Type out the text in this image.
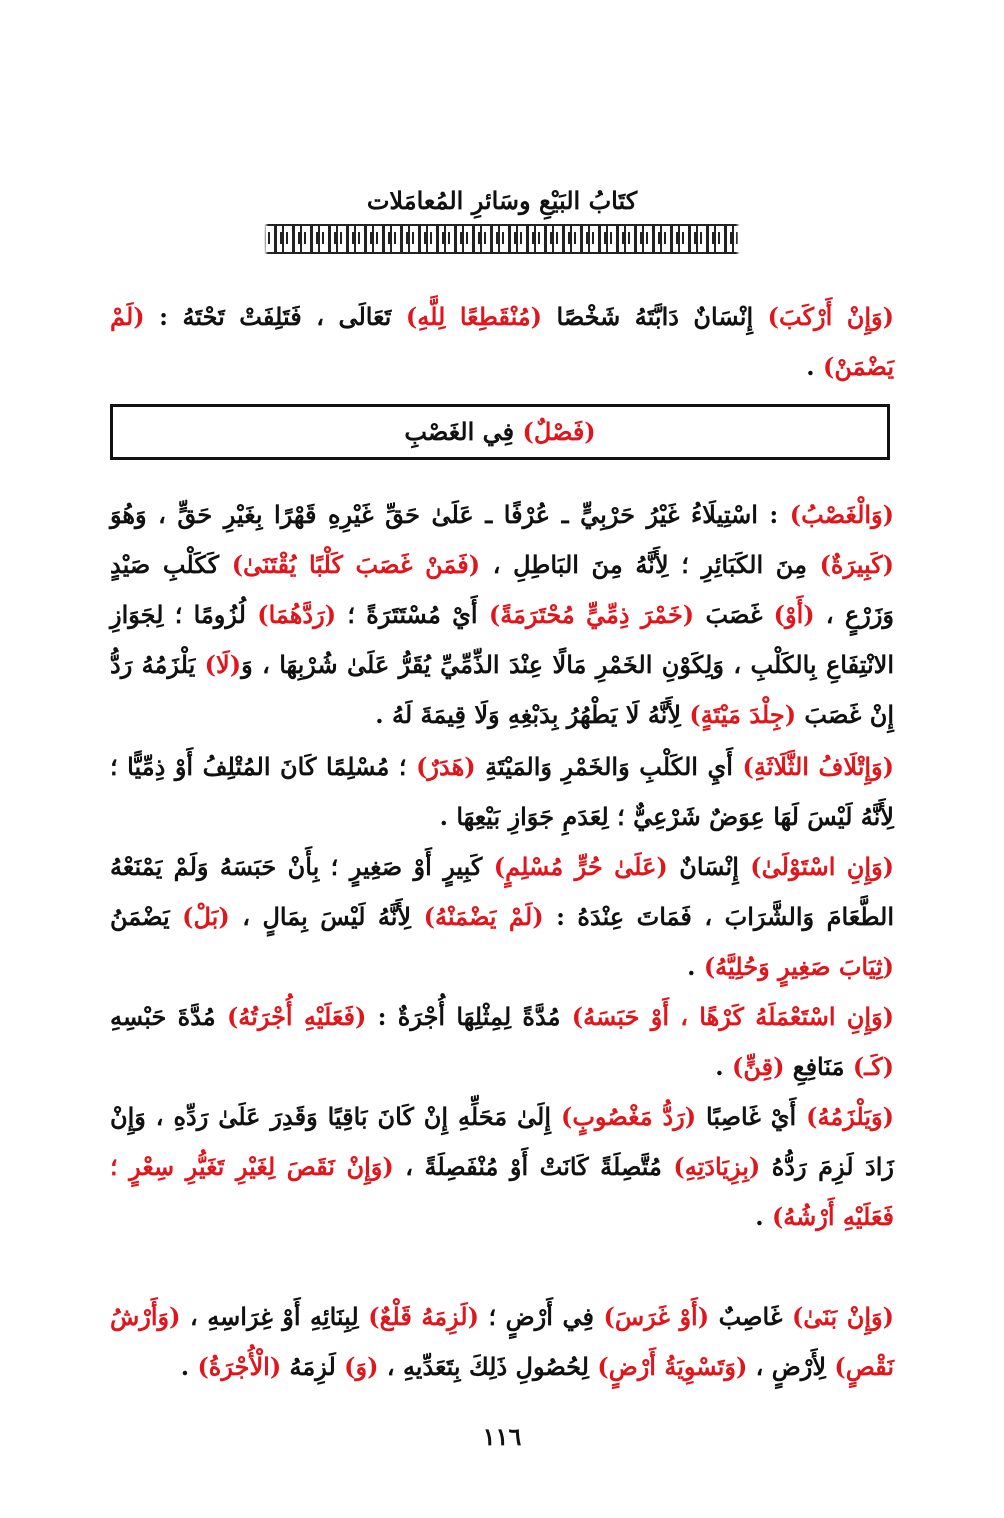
كتَابُ البَيْعِ وسَائرِ المُعامَلات
(وَإِنْ أَرْكَبَ) إِنْسَانٌ دَابَّتَهُ شَخْصًا (مُنْقَطِعًا لِلَّهِ) تَعَالَى ، فَتَلِفَتْ تَحْتَهُ : (لَمْ يَضْمَنْ) .
(فَصْلٌ) فِي الغَصْبِ
(وَالْغَصْبُ) : اسْتِيلَاءُ غَيْرُ حَرْبِيٍّ ـ عُرْفًا ـ عَلَىٰ حَقِّ غَيْرِهِ قَهْرًا بِغَيْرِ حَقٍّ ، وَهُوَ (كَبِيرَةٌ) مِنَ الكَبَائِرِ ؛ لِأَنَّهُ مِنَ البَاطِلِ ، (فَمَنْ غَصَبَ كَلْبًا يُقْتَنَىٰ) كَكَلْبِ صَيْدٍ وَزَرْعٍ ، (أَوْ) غَصَبَ (خَمْرَ ذِمِّيٍّ مُحْتَرَمَةً) أَيْ مُسْتَتَرَةً ؛ (رَدَّهُمَا) لُزُومًا ؛ لِجَوَازِ الانْتِفَاعِ بِالكَلْبِ ، وَلِكَوْنِ الخَمْرِ مَالًا عِنْدَ الذِّمِّيِّ يُقَرُّ عَلَىٰ شُرْبِهَا ، وَ(لَا) يَلْزَمُهُ رَدُّ إِنْ غَصَبَ (جِلْدَ مَيْتَةٍ) لِأَنَّهُ لَا يَطْهُرُ بِدَبْغِهِ وَلَا قِيمَةَ لَهُ .
(وَإِتْلَافُ الثَّلَاثَةِ) أَيِ الكَلْبِ وَالخَمْرِ وَالمَيْتَةِ (هَدَرٌ) ؛ مُسْلِمًا كَانَ المُتْلِفُ أَوْ ذِمِّيًّا ؛ لِأَنَّهُ لَيْسَ لَهَا عِوَضٌ شَرْعِيٌّ ؛ لِعَدَمِ جَوَازِ بَيْعِهَا .
(وَإِنِ اسْتَوْلَىٰ) إِنْسَانٌ (عَلَىٰ حُرٍّ مُسْلِمٍ) كَبِيرٍ أَوْ صَغِيرٍ ؛ بِأَنْ حَبَسَهُ وَلَمْ يَمْنَعْهُ الطَّعَامَ وَالشَّرَابَ ، فَمَاتَ عِنْدَهُ : (لَمْ يَضْمَنْهُ) لِأَنَّهُ لَيْسَ بِمَالٍ ، (بَلْ) يَضْمَنُ (ثِيَابَ صَغِيرٍ وَحُلِيَّهُ) .
(وَإِنِ اسْتَعْمَلَهُ كَرْهًا ، أَوْ حَبَسَهُ) مُدَّةً لِمِثْلِهَا أُجْرَةٌ : (فَعَلَيْهِ أُجْرَتُهُ) مُدَّةَ حَبْسِهِ (كَـ) مَنَافِعِ (قِنٍّ) .
(وَيَلْزَمُهُ) أَيْ غَاصِبًا (رَدُّ مَغْصُوبٍ) إِلَىٰ مَحَلِّهِ إِنْ كَانَ بَاقِيًا وَقَدِرَ عَلَىٰ رَدِّهِ ، وَإِنْ زَادَ لَزِمَ رَدُّهُ (بِزِيَادَتِهِ) مُتَّصِلَةً كَانَتْ أَوْ مُنْفَصِلَةً ، (وَإِنْ نَقَصَ لِغَيْرِ تَغَيُّرِ سِعْرٍ ؛ فَعَلَيْهِ أَرْشُهُ) .
(وَإِنْ بَنَىٰ) غَاصِبٌ (أَوْ غَرَسَ) فِي أَرْضٍ ؛ (لَزِمَهُ قَلْعٌ) لِبِنَائِهِ أَوْ غِرَاسِهِ ، (وَأَرْشُ نَقْصٍ) لِأَرْضٍ ، (وَتَسْوِيَةُ أَرْضٍ) لِحُصُولِ ذَلِكَ بِتَعَدِّيهِ ، (وَ) لَزِمَهُ (الْأُجْرَةُ) .
١١٦
